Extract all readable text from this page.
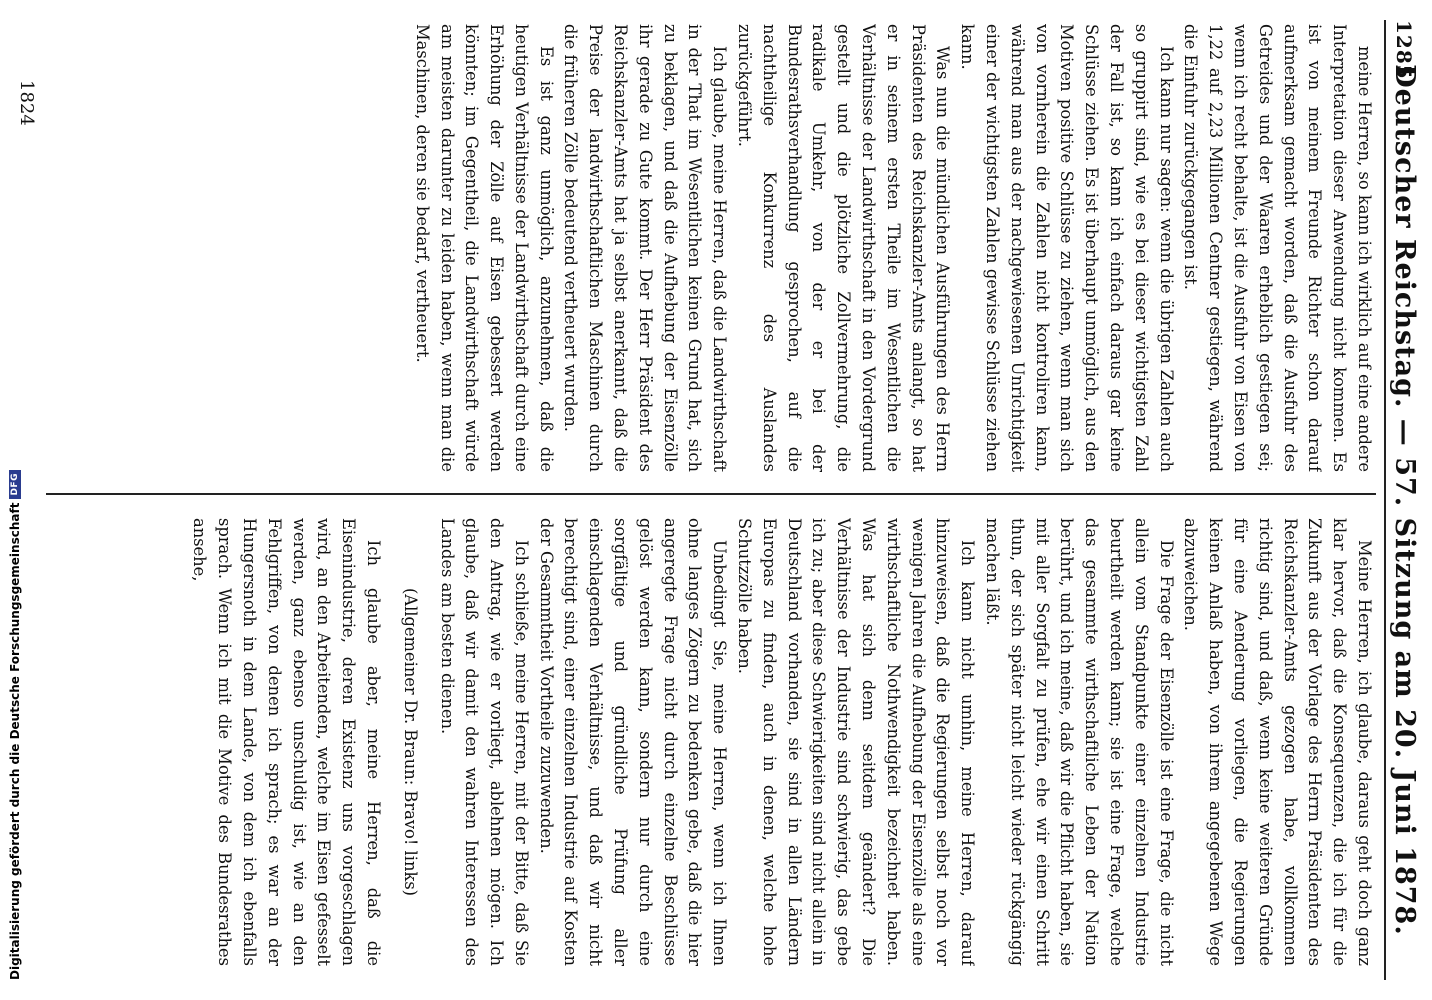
1285
Deutscher Reichstag. — 57. Sitzung am 20. Juni 1878.

meine Herren, so kann ich wirklich auf eine andere Interpretation dieser Anwendung nicht kommen. Es ist von meinem Freunde Richter schon darauf aufmerksam gemacht worden, daß die Ausfuhr des Getreides und der Waaren erheblich gestiegen sei; wenn ich recht behalte, ist die Ausfuhr von Eisen von 1,22 auf 2,23 Millionen Centner gestiegen, während die Einfuhr zurückgegangen ist.

Ich kann nur sagen: wenn die übrigen Zahlen auch so gruppirt sind, wie es bei dieser wichtigsten Zahl der Fall ist, so kann ich einfach daraus gar keine Schlüsse ziehen. Es ist überhaupt unmöglich, aus den Motiven positive Schlüsse zu ziehen, wenn man sich von vornherein die Zahlen nicht kontroliren kann, während man aus der nachgewiesenen Unrichtigkeit einer der wichtigsten Zahlen gewisse Schlüsse ziehen kann.

Was nun die mündlichen Ausführungen des Herrn Präsidenten des Reichskanzler-Amts anlangt, so hat er in seinem ersten Theile im Wesentlichen die Verhältnisse der Landwirthschaft in den Vordergrund gestellt und die plötzliche Zollvermehrung, die radikale Umkehr, von der er bei der Bundesrathsverhandlung gesprochen, auf die nachtheilige Konkurrenz des Auslandes zurückgeführt.

Ich glaube, meine Herren, daß die Landwirthschaft in der That im Wesentlichen keinen Grund hat, sich zu beklagen, und daß die Aufhebung der Eisenzölle ihr gerade zu Gute kommt. Der Herr Präsident des Reichskanzler-Amts hat ja selbst anerkannt, daß die Preise der landwirthschaftlichen Maschinen durch die früheren Zölle bedeutend vertheuert wurden.

Es ist ganz unmöglich, anzunehmen, daß die heutigen Verhältnisse der Landwirthschaft durch eine Erhöhung der Zölle auf Eisen gebessert werden könnten; im Gegentheil, die Landwirthschaft würde am meisten darunter zu leiden haben, wenn man die Maschinen, deren sie bedarf, vertheuert.

Meine Herren, ich glaube, daraus geht doch ganz klar hervor, daß die Konsequenzen, die ich für die Zukunft aus der Vorlage des Herrn Präsidenten des Reichskanzler-Amts gezogen habe, vollkommen richtig sind, und daß, wenn keine weiteren Gründe für eine Aenderung vorliegen, die Regierungen keinen Anlaß haben, von ihrem angegebenen Wege abzuweichen.

Die Frage der Eisenzölle ist eine Frage, die nicht allein vom Standpunkte einer einzelnen Industrie beurtheilt werden kann; sie ist eine Frage, welche das gesammte wirthschaftliche Leben der Nation berührt, und ich meine, daß wir die Pflicht haben, sie mit aller Sorgfalt zu prüfen, ehe wir einen Schritt thun, der sich später nicht leicht wieder rückgängig machen läßt.

Ich kann nicht umhin, meine Herren, darauf hinzuweisen, daß die Regierungen selbst noch vor wenigen Jahren die Aufhebung der Eisenzölle als eine wirthschaftliche Nothwendigkeit bezeichnet haben. Was hat sich denn seitdem geändert? Die Verhältnisse der Industrie sind schwierig, das gebe ich zu; aber diese Schwierigkeiten sind nicht allein in Deutschland vorhanden, sie sind in allen Ländern Europas zu finden, auch in denen, welche hohe Schutzzölle haben.

Unbedingt Sie, meine Herren, wenn ich Ihnen ohne langes Zögern zu bedenken gebe, daß die hier angeregte Frage nicht durch einzelne Beschlüsse gelöst werden kann, sondern nur durch eine sorgfältige und gründliche Prüfung aller einschlagenden Verhältnisse, und daß wir nicht berechtigt sind, einer einzelnen Industrie auf Kosten der Gesammtheit Vortheile zuzuwenden.

Ich schließe, meine Herren, mit der Bitte, daß Sie den Antrag, wie er vorliegt, ablehnen mögen. Ich glaube, daß wir damit den wahren Interessen des Landes am besten dienen.

(Allgemeiner Dr. Braun: Bravo! links)

Ich glaube aber, meine Herren, daß die Eisenindustrie, deren Existenz uns vorgeschlagen wird, an den Arbeitenden, welche im Eisen gefesselt werden, ganz ebenso unschuldig ist, wie an den Fehlgriffen, von denen ich sprach; es war an der Hungersnoth in dem Lande, von dem ich ebenfalls sprach. Wenn ich mit die Motive des Bundesrathes ansehe,

1824
Digitalisierung gefördert durch die Deutsche Forschungsgemeinschaft
DFG
